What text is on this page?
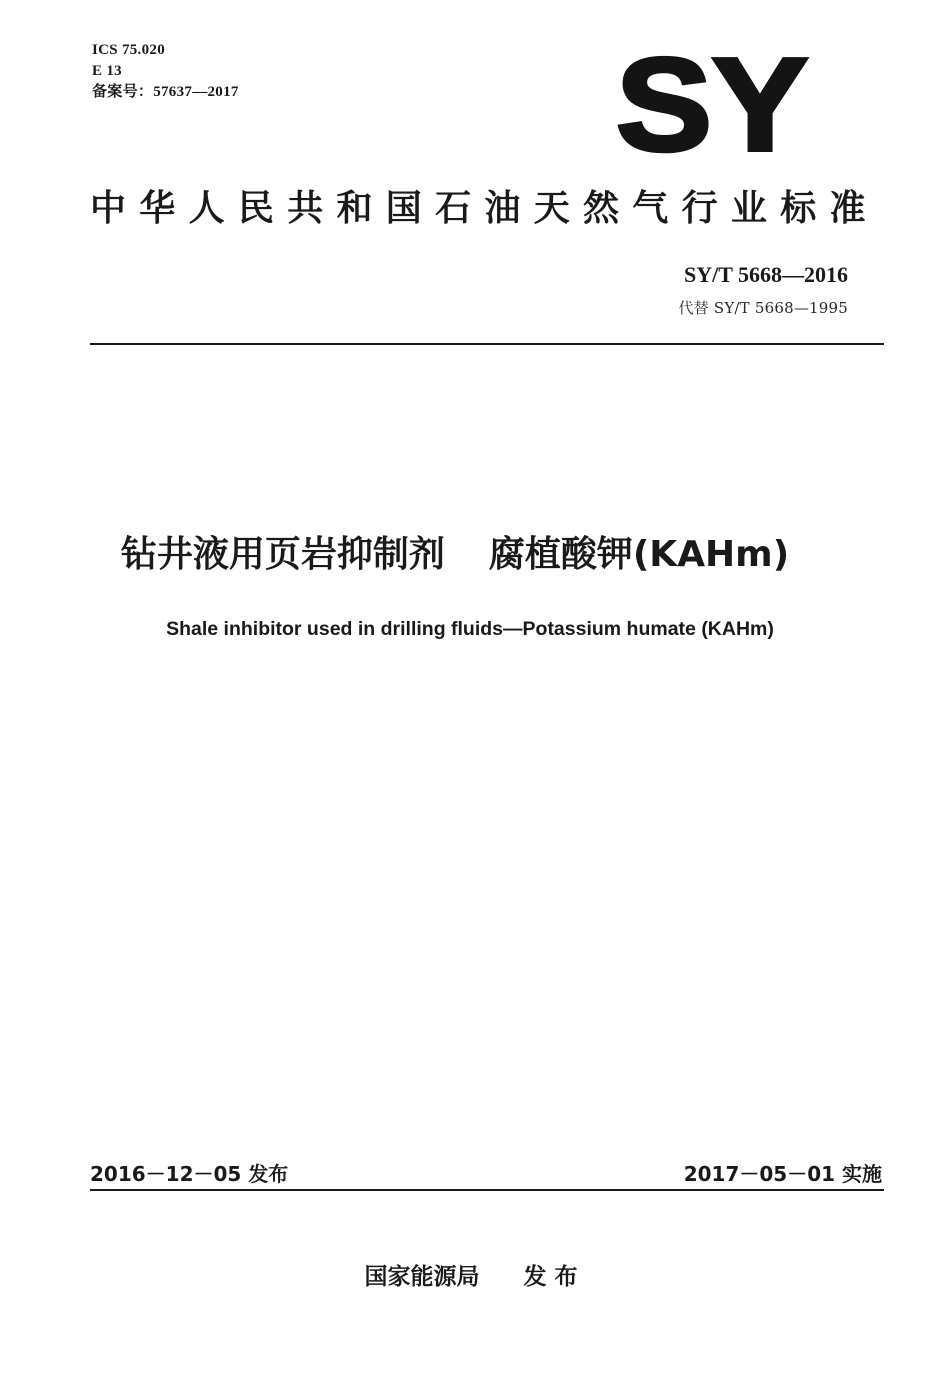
ICS 75.020
E 13
备案号：57637—2017	SY
中华人民共和国石油天然气行业标准
SY/T 5668—2016
代替 SY/T 5668—1995
钻井液用页岩抑制剂 腐植酸钾(KAHm)
Shale inhibitor used in drilling fluids—Potassium humate (KAHm)
2016－12－05 发布	2017－05－01 实施
国家能源局 发布
